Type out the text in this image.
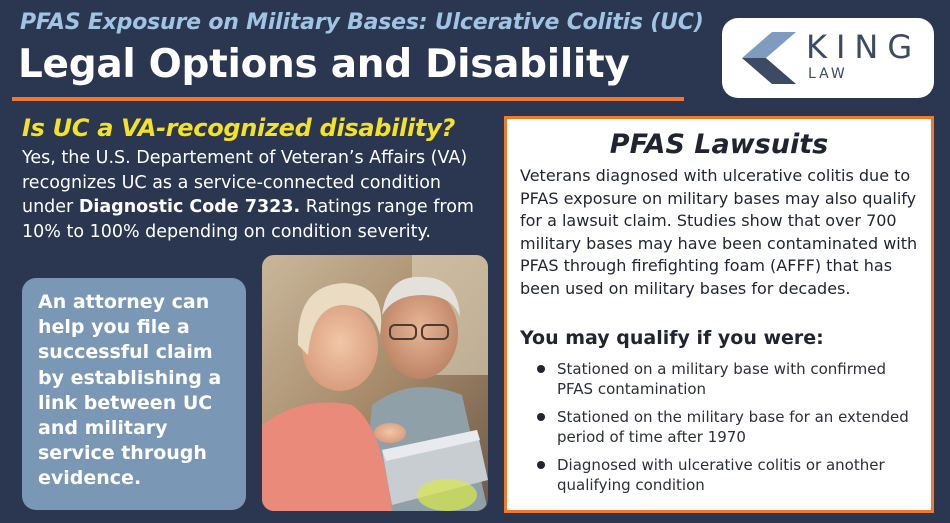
PFAS Exposure on Military Bases: Ulcerative Colitis (UC)
Legal Options and Disability	KING
LAW
Is UC a VA-recognized disability?
Yes, the U.S. Departement of Veteran’s Affairs (VA) recognizes UC as a service-connected condition under Diagnostic Code 7323. Ratings range from 10% to 100% depending on condition severity.
An attorney can help you file a successful claim by establishing a link between UC and military service through evidence.
PFAS Lawsuits
Veterans diagnosed with ulcerative colitis due to PFAS exposure on military bases may also qualify for a lawsuit claim. Studies show that over 700 military bases may have been contaminated with PFAS through firefighting foam (AFFF) that has been used on military bases for decades.
You may qualify if you were:
Stationed on a military base with confirmed PFAS contamination
Stationed on the military base for an extended period of time after 1970
Diagnosed with ulcerative colitis or another qualifying condition
